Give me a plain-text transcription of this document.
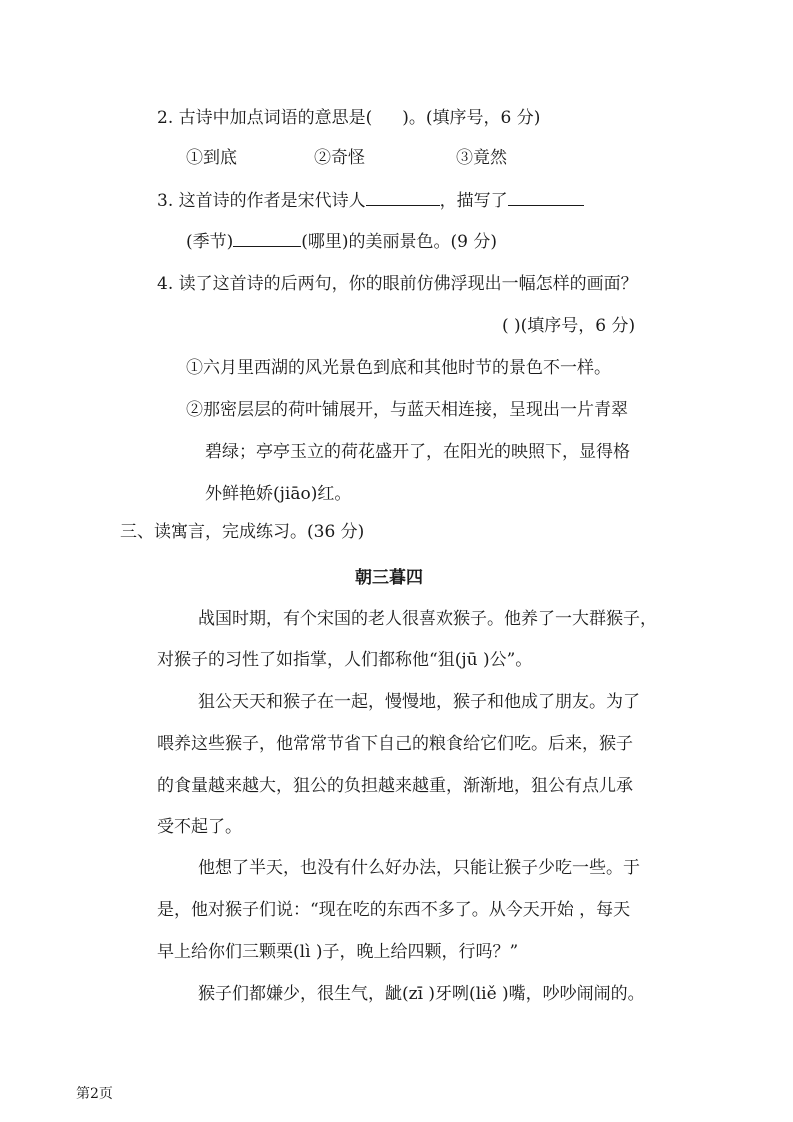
2. 古诗中加点词语的意思是( )。(填序号，6 分)
①到底	②奇怪	③竟然
3. 这首诗的作者是宋代诗人	，描写了
(季节)	(哪里)的美丽景色。(9 分)
4. 读了这首诗的后两句，你的眼前仿佛浮现出一幅怎样的画面？
( )(填序号，6 分)
①六月里西湖的风光景色到底和其他时节的景色不一样。
②那密层层的荷叶铺展开，与蓝天相连接，呈现出一片青翠
碧绿；亭亭玉立的荷花盛开了，在阳光的映照下，显得格
外鲜艳娇(jiāo)红。
三、读寓言，完成练习。(36 分)
朝三暮四
战国时期，有个宋国的老人很喜欢猴子。他养了一大群猴子，
对猴子的习性了如指掌，人们都称他“狙(jū )公”。
狙公天天和猴子在一起，慢慢地，猴子和他成了朋友。为了
喂养这些猴子，他常常节省下自己的粮食给它们吃。后来，猴子
的食量越来越大，狙公的负担越来越重，渐渐地，狙公有点儿承
受不起了。
他想了半天，也没有什么好办法，只能让猴子少吃一些。于
是，他对猴子们说：“现在吃的东西不多了。从今天开始 ，每天
早上给你们三颗栗(lì )子，晚上给四颗，行吗？”
猴子们都嫌少，很生气，龇(zī )牙咧(liě )嘴，吵吵闹闹的。
第2页
